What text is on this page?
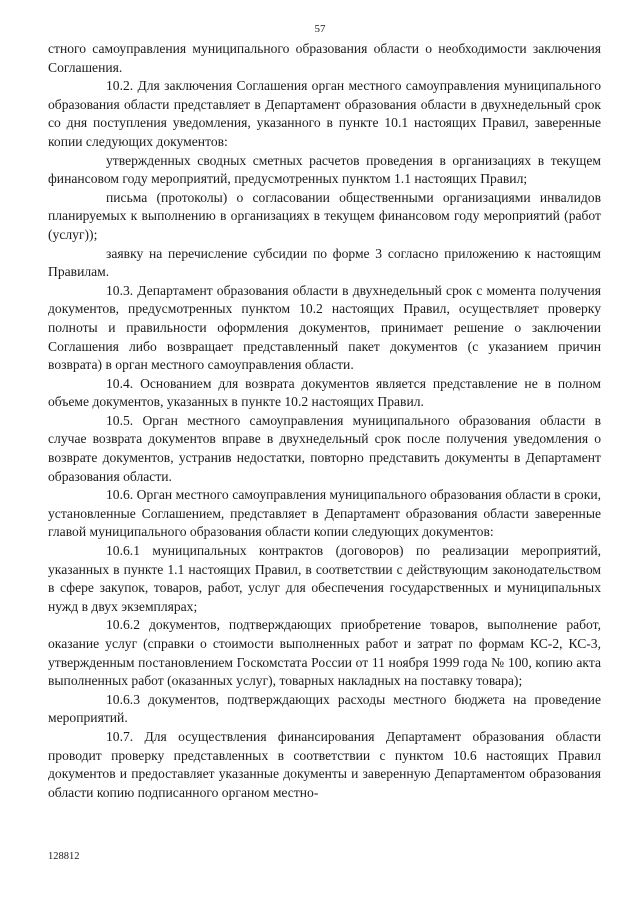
57

стного самоуправления муниципального образования области о необходимости заключения Соглашения.

10.2. Для заключения Соглашения орган местного самоуправления муниципального образования области представляет в Департамент образования области в двухнедельный срок со дня поступления уведомления, указанного в пункте 10.1 настоящих Правил, заверенные копии следующих документов:

утвержденных сводных сметных расчетов проведения в организациях в текущем финансовом году мероприятий, предусмотренных пунктом 1.1 настоящих Правил;

письма (протоколы) о согласовании общественными организациями инвалидов планируемых к выполнению в организациях в текущем финансовом году мероприятий (работ (услуг));

заявку на перечисление субсидии по форме 3 согласно приложению к настоящим Правилам.

10.3. Департамент образования области в двухнедельный срок с момента получения документов, предусмотренных пунктом 10.2 настоящих Правил, осуществляет проверку полноты и правильности оформления документов, принимает решение о заключении Соглашения либо возвращает представленный пакет документов (с указанием причин возврата) в орган местного самоуправления области.

10.4. Основанием для возврата документов является представление не в полном объеме документов, указанных в пункте 10.2 настоящих Правил.

10.5. Орган местного самоуправления муниципального образования области в случае возврата документов вправе в двухнедельный срок после получения уведомления о возврате документов, устранив недостатки, повторно представить документы в Департамент образования области.

10.6. Орган местного самоуправления муниципального образования области в сроки, установленные Соглашением, представляет в Департамент образования области заверенные главой муниципального образования области копии следующих документов:

10.6.1 муниципальных контрактов (договоров) по реализации мероприятий, указанных в пункте 1.1 настоящих Правил, в соответствии с действующим законодательством в сфере закупок, товаров, работ, услуг для обеспечения государственных и муниципальных нужд в двух экземплярах;

10.6.2 документов, подтверждающих приобретение товаров, выполнение работ, оказание услуг (справки о стоимости выполненных работ и затрат по формам КС-2, КС-3, утвержденным постановлением Госкомстата России от 11 ноября 1999 года № 100, копию акта выполненных работ (оказанных услуг), товарных накладных на поставку товара);

10.6.3 документов, подтверждающих расходы местного бюджета на проведение мероприятий.

10.7. Для осуществления финансирования Департамент образования области проводит проверку представленных в соответствии с пунктом 10.6 настоящих Правил документов и предоставляет указанные документы и заверенную Департаментом образования области копию подписанного органом местно-

128812
